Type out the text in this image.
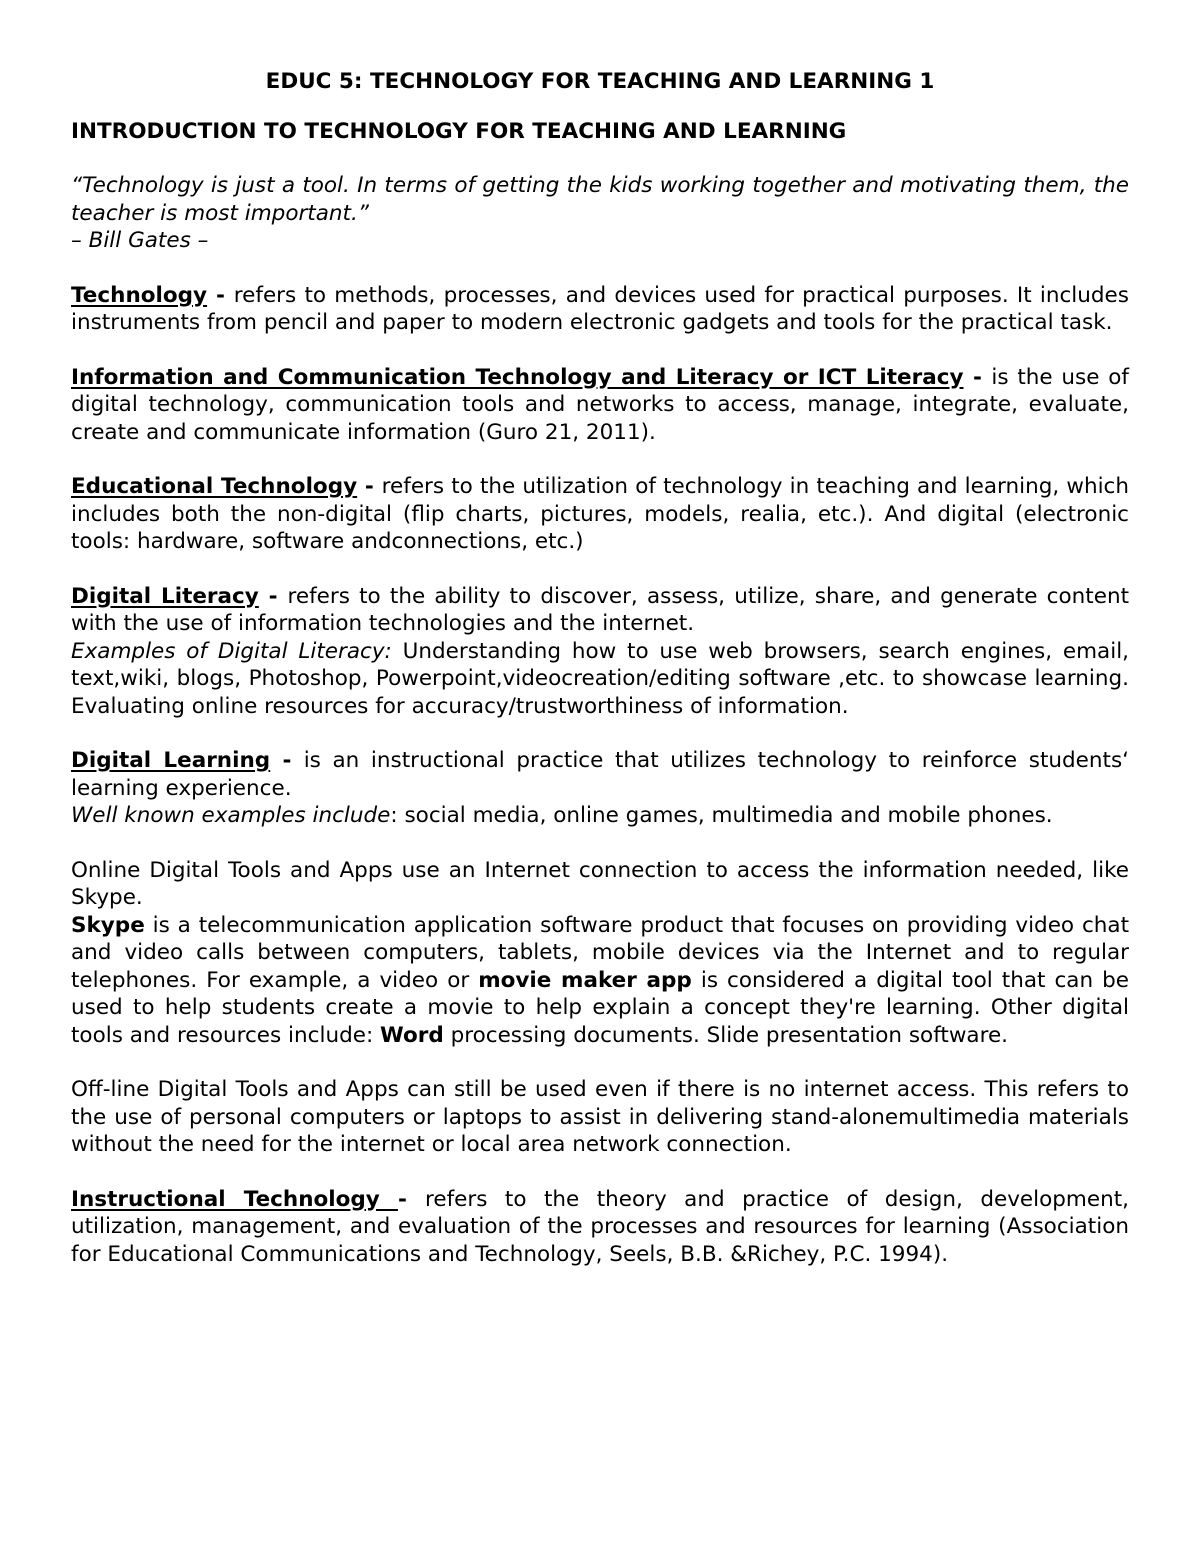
EDUC 5: TECHNOLOGY FOR TEACHING AND LEARNING 1
INTRODUCTION TO TECHNOLOGY FOR TEACHING AND LEARNING

“Technology is just a tool. In terms of getting the kids working together and motivating them, the teacher is most important.”
– Bill Gates –

Technology - refers to methods, processes, and devices used for practical purposes. It includes instruments from pencil and paper to modern electronic gadgets and tools for the practical task.

Information and Communication Technology and Literacy or ICT Literacy - is the use of digital technology, communication tools and networks to access, manage, integrate, evaluate, create and communicate information (Guro 21, 2011).

Educational Technology - refers to the utilization of technology in teaching and learning, which includes both the non-digital (flip charts, pictures, models, realia, etc.). And digital (electronic tools: hardware, software andconnections, etc.)

Digital Literacy - refers to the ability to discover, assess, utilize, share, and generate content with the use of information technologies and the internet.
Examples of Digital Literacy: Understanding how to use web browsers, search engines, email, text,wiki, blogs, Photoshop, Powerpoint,videocreation/editing software ,etc. to showcase learning. Evaluating online resources for accuracy/trustworthiness of information.

Digital Learning - is an instructional practice that utilizes technology to reinforce students‘ learning experience.
Well known examples include: social media, online games, multimedia and mobile phones.

Online Digital Tools and Apps use an Internet connection to access the information needed, like Skype.
Skype is a telecommunication application software product that focuses on providing video chat and video calls between computers, tablets, mobile devices via the Internet and to regular telephones. For example, a video or movie maker app is considered a digital tool that can be used to help students create a movie to help explain a concept they're learning. Other digital tools and resources include: Word processing documents. Slide presentation software.

Off-line Digital Tools and Apps can still be used even if there is no internet access. This refers to the use of personal computers or laptops to assist in delivering stand-alonemultimedia materials without the need for the internet or local area network connection.

Instructional Technology - refers to the theory and practice of design, development, utilization, management, and evaluation of the processes and resources for learning (Association for Educational Communications and Technology, Seels, B.B. &Richey, P.C. 1994).
